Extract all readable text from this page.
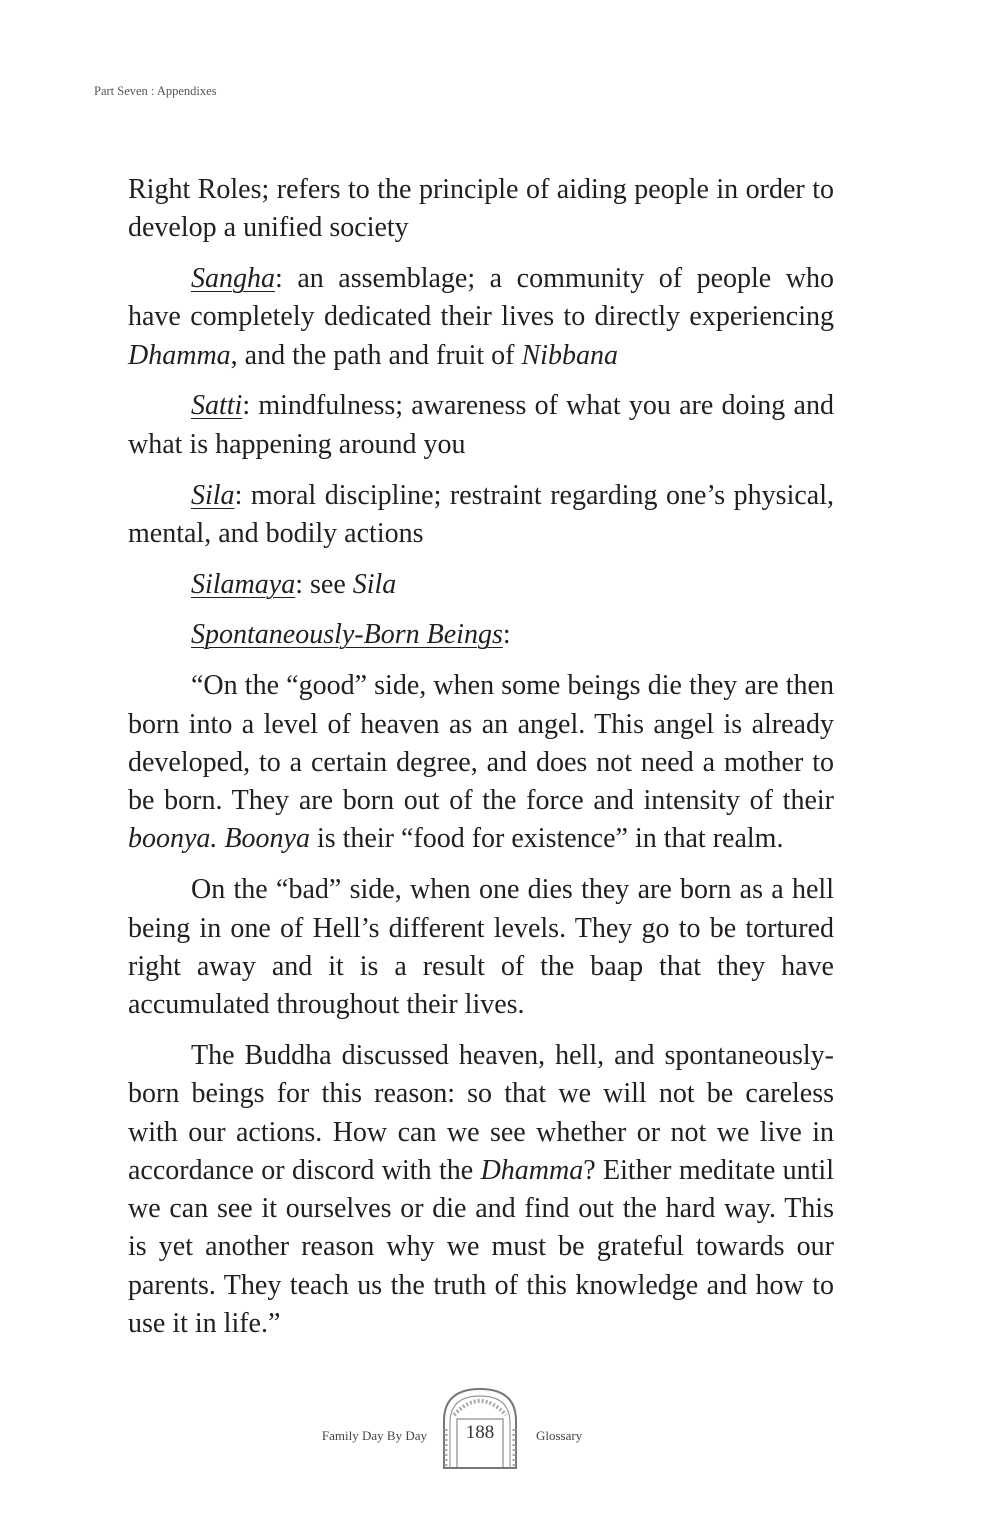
Part Seven : Appendixes

Right Roles; refers to the principle of aiding people in order to develop a unified society

Sangha: an assemblage; a community of people who have completely dedicated their lives to directly experiencing Dhamma, and the path and fruit of Nibbana

Satti: mindfulness; awareness of what you are doing and what is happening around you

Sila: moral discipline; restraint regarding one’s physical, mental, and bodily actions

Silamaya: see Sila

Spontaneously-Born Beings:

“On the “good” side, when some beings die they are then born into a level of heaven as an angel. This angel is already developed, to a certain degree, and does not need a mother to be born. They are born out of the force and intensity of their boonya. Boonya is their “food for existence” in that realm.

On the “bad” side, when one dies they are born as a hell being in one of Hell’s different levels. They go to be tortured right away and it is a result of the baap that they have accumulated throughout their lives.

The Buddha discussed heaven, hell, and spontaneously-born beings for this reason: so that we will not be careless with our actions. How can we see whether or not we live in accordance or discord with the Dhamma? Either meditate until we can see it ourselves or die and find out the hard way. This is yet another reason why we must be grateful towards our parents. They teach us the truth of this knowledge and how to use it in life.”

Family Day By Day	188	Glossary
